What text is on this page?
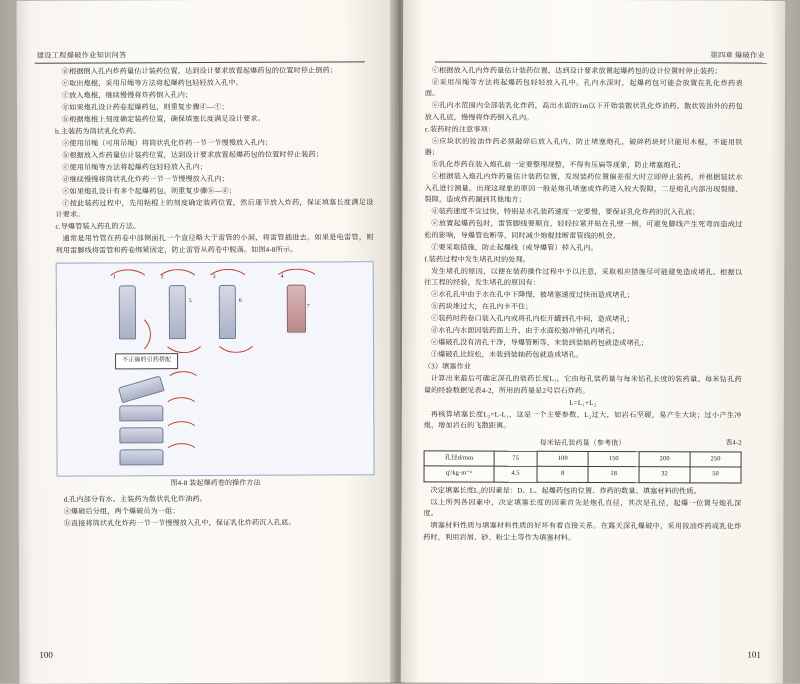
建设工程爆破作业知识问答

ⓓ根据倒入孔内炸药量估计装药位置，达到设计要求放置起爆药包的位置时停止倒药；

ⓔ取出炮棍，采用吊绳等方法将起爆药包轻轻放入孔中。

ⓕ放入炮棍，继续慢慢将炸药倒入孔内；

ⓖ如果炮孔设计药卷起爆药包，则重复步骤ⓓ—ⓕ；

ⓗ根据炮棍上刻度确定装药位置，确保填塞长度满足设计要求。

b.主装药为筒状乳化炸药。

ⓐ使用吊绳（可用吊绳）将筒状乳化炸药一节一节慢慢放入孔内；

ⓑ根据放入炸药量估计装药位置，达到设计要求放置起爆药包的位置时停止装药；

ⓒ使用吊绳等方法将起爆药包轻轻放入孔内；

ⓓ继续慢慢将筒状乳化炸药一节一节慢慢放入孔内；

ⓔ如果炮孔设计有多个起爆药包，则重复步骤ⓑ—ⓓ；

ⓕ按此装药过程中，先用粘棍上的刻度确定装药位置，然后逐节放入炸药，保证填塞长度满足设计要求。

c.导爆管装入药孔的方法。

通常是用竹管在药卷中部侧面扎一个直径略大于雷管的小洞，将雷管插进去。如果是电雷管，则利用雷脚线将雷管和药卷绑紧固定，防止雷管从药卷中脱落。如图4-8所示。

1	2	3	4
5	6
7
不正确的引药搭配
图4-8 装起爆药卷的操作方法

d.孔内部分有水。主装药为散状乳化炸油药。

ⓐ爆破后分组，两个爆破员为一组；

ⓑ直接将筒状乳化炸药一节一节慢慢放入孔中，保证乳化炸药沉入孔底。

100
第四章 爆破作业

ⓒ根据放入孔内炸药量估计装药位置，达到设计要求放置起爆药包的设计位置时停止装药；

ⓓ采用吊绳等方法将起爆药包轻轻放入孔中。孔内水深时，起爆药包可能会放置在乳化炸药表面。

ⓔ孔内水范围内全部装乳化炸药，高出水面的1m以下开始装散状乳化炸油药。散状铵油外的药包放入孔底，慢慢将炸药倒入孔内。

c.装药时的注意事项：

ⓐ应块状的铵油炸药必须敲碎后放入孔内，防止堵塞炮孔，破碎药块时只能用木棍，不能用铁器；

ⓑ乳化炸药在装入炮孔前一定要整理规整，不得有压扁等现象，防止堵塞炮孔；

ⓒ根据装入炮孔内炸药量估计装药位置，发现装药位置偏差很大时立即停止装药，并根据装状水入孔进行测量。出现这现象的原因一般是炮孔堵塞或炸药进入较大裂隙，二是炮孔内部出现裂缝、裂隙，造成炸药漏到其他地方；

ⓓ装药速度不宜过快，特别是水孔装药速度一定要慢，要保证乳化炸药的沉入孔底；

ⓔ放置起爆药包时，雷管脚线要顺直，轻轻拉紧并贴在孔壁一侧，可避免脚线产生死弯而造成过松的影响，导爆管也断等，同时减少炮棍挂断雷管线的机会。

ⓕ要采取措施，防止起爆线（或导爆管）掉入孔内。

f.装药过程中发生堵孔时的处理。

发生堵孔的原因，以便在装药操作过程中予以注意，采取相应措施尽可能避免造成堵孔。根据以往工程的经验，发生堵孔的原因有：

ⓐ水孔孔中由于水在孔中下降慢，被堵塞速度过快而造成堵孔；

ⓑ药块堆过大，在孔内卡不住；

ⓒ装药时药卷口装入孔内或将孔内松开罐到孔中间，造成堵孔；

ⓓ水孔内水面因装药面上升，由于水面松弛冲销孔内堵孔；

ⓔ爆破孔没有清孔干净，导爆管断等，末装到装轴药包就造成堵孔；

ⓕ爆破孔比较松，未装到装轴药包就造成堵孔。

（3）填塞作业

计算出来最后可确定深孔的装药长度L₁，它由每孔装药量与每米钻孔长度的装药量。每米钻孔药量的经验数据见表4-2，所用的药量是2号岩石炸药。

L=L₁+L₂

再核算堵塞长度L₂=L-L₁，这是一个主要参数，L₂过大，如岩石坚硬，易产生大块；过小产生冲炮，增加岩石的飞散距离。

每米钻孔装药量（参考值）	表4-2
孔径d/mm	75	100	150	200	250
q'/kg·m⁻¹	4.5	8	18	32	50

决定填塞长度L₂的因素是：D、L、起爆药包的位置、炸药的数量、填塞材料的性质。

以上所列各因素中，决定填塞长度的因素首先是炮孔直径，其次是孔径，起爆一位置与炮孔深度。

填塞材料性质与填塞材料性质的好坏有着直接关系。在露天深孔爆破中，采用铵油炸药或乳化炸药时，利用岩屑、砂、粉尘土等作为填塞材料。

101
